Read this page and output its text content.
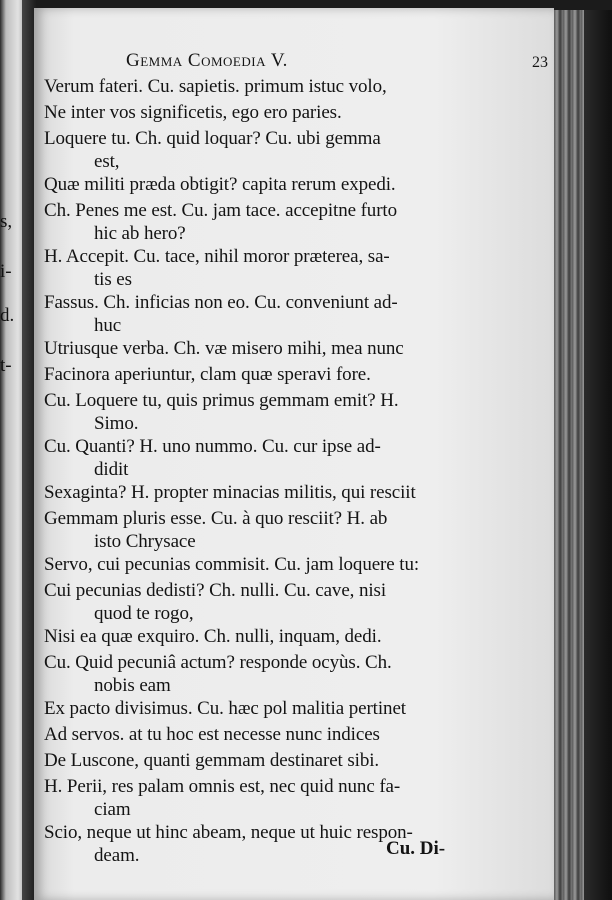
s,
i-
d.
t-
Gemma Comoedia V.	23
Verum fateri. Cu. sapietis. primum istuc volo,
Ne inter vos significetis, ego ero paries.
Loquere tu. Ch. quid loquar? Cu. ubi gemma
est,
Quæ militi præda obtigit? capita rerum expedi.
Ch. Penes me est. Cu. jam tace. accepitne furto
hic ab hero?
H. Accepit. Cu. tace, nihil moror præterea, sa-
tis es
Fassus. Ch. inficias non eo. Cu. conveniunt ad-
huc
Utriusque verba. Ch. væ misero mihi, mea nunc
Facinora aperiuntur, clam quæ speravi fore.
Cu. Loquere tu, quis primus gemmam emit? H.
Simo.
Cu. Quanti? H. uno nummo. Cu. cur ipse ad-
didit
Sexaginta? H. propter minacias militis, qui resciit
Gemmam pluris esse. Cu. à quo resciit? H. ab
isto Chrysace
Servo, cui pecunias commisit. Cu. jam loquere tu:
Cui pecunias dedisti? Ch. nulli. Cu. cave, nisi
quod te rogo,
Nisi ea quæ exquiro. Ch. nulli, inquam, dedi.
Cu. Quid pecuniâ actum? responde ocyùs. Ch.
nobis eam
Ex pacto divisimus. Cu. hæc pol malitia pertinet
Ad servos. at tu hoc est necesse nunc indices
De Luscone, quanti gemmam destinaret sibi.
H. Perii, res palam omnis est, nec quid nunc fa-
ciam
Scio, neque ut hinc abeam, neque ut huic respon-
deam.	Cu. Di-
